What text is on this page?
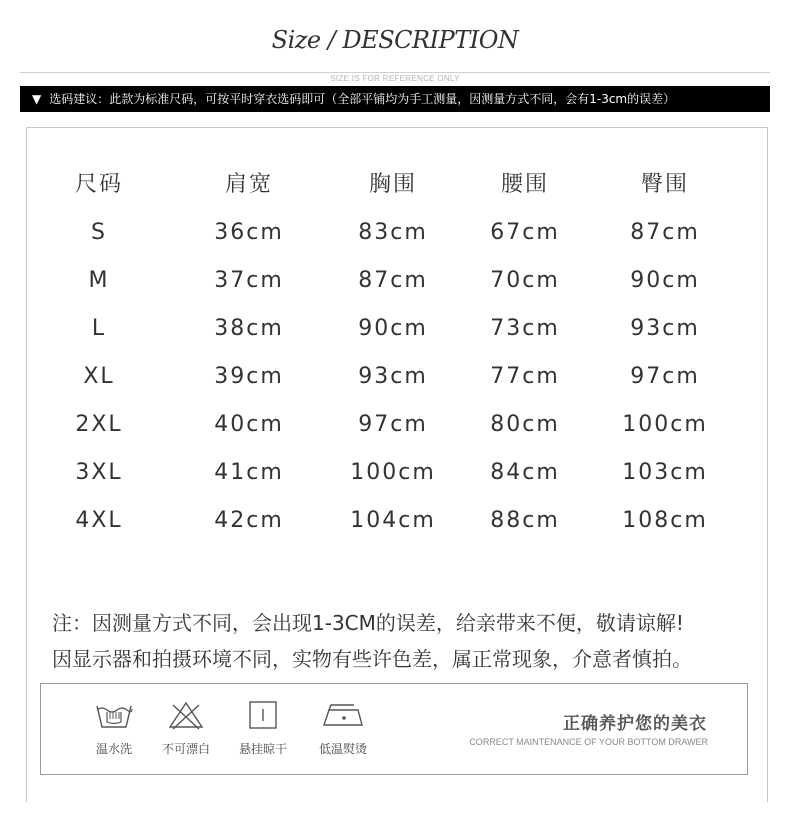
Size / DESCRIPTION
SIZE IS FOR REFERENCE ONLY
▼ 选码建议：此款为标准尺码，可按平时穿衣选码即可（全部平铺均为手工测量，因测量方式不同，会有1-3cm的误差）
尺码	肩宽	胸围	腰围	臀围
S	36cm	83cm	67cm	87cm
M	37cm	87cm	70cm	90cm
L	38cm	90cm	73cm	93cm
XL	39cm	93cm	77cm	97cm
2XL	40cm	97cm	80cm	100cm
3XL	41cm	100cm	84cm	103cm
4XL	42cm	104cm	88cm	108cm
注：因测量方式不同，会出现1-3CM的误差，给亲带来不便，敬请谅解!
因显示器和拍摄环境不同，实物有些许色差，属正常现象，介意者慎拍。
温水洗	不可漂白	悬挂晾干	低温熨烫
正确养护您的美衣
CORRECT MAINTENANCE OF YOUR BOTTOM DRAWER
